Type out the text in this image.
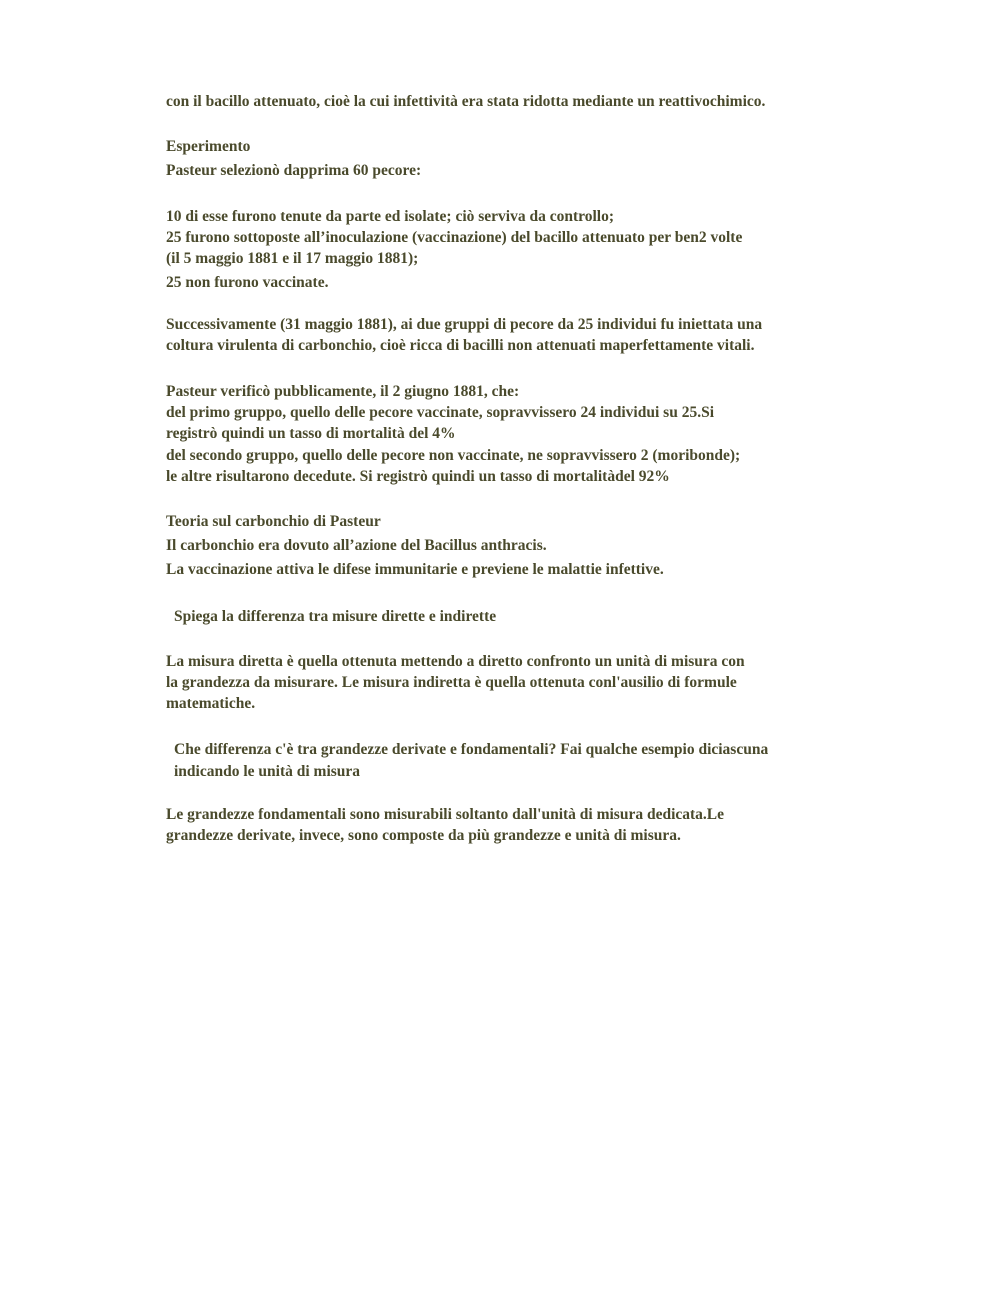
con il bacillo attenuato, cioè la cui infettività era stata ridotta mediante un reattivochimico.
Esperimento
Pasteur selezionò dapprima 60 pecore:
10 di esse furono tenute da parte ed isolate; ciò serviva da controllo;
25 furono sottoposte all’inoculazione (vaccinazione) del bacillo attenuato per ben2 volte
(il 5 maggio 1881 e il 17 maggio 1881);
25 non furono vaccinate.
Successivamente (31 maggio 1881), ai due gruppi di pecore da 25 individui fu iniettata una
coltura virulenta di carbonchio, cioè ricca di bacilli non attenuati maperfettamente vitali.
Pasteur verificò pubblicamente, il 2 giugno 1881, che:
del primo gruppo, quello delle pecore vaccinate, sopravvissero 24 individui su 25.Si
registrò quindi un tasso di mortalità del 4%
del secondo gruppo, quello delle pecore non vaccinate, ne sopravvissero 2 (moribonde);
le altre risultarono decedute. Si registrò quindi un tasso di mortalitàdel 92%
Teoria sul carbonchio di Pasteur
Il carbonchio era dovuto all’azione del Bacillus anthracis.
La vaccinazione attiva le difese immunitarie e previene le malattie infettive.
Spiega la differenza tra misure dirette e indirette
La misura diretta è quella ottenuta mettendo a diretto confronto un unità di misura con
la grandezza da misurare. Le misura indiretta è quella ottenuta conl'ausilio di formule
matematiche.
Che differenza c'è tra grandezze derivate e fondamentali? Fai qualche esempio diciascuna
indicando le unità di misura
Le grandezze fondamentali sono misurabili soltanto dall'unità di misura dedicata.Le
grandezze derivate, invece, sono composte da più grandezze e unità di misura.
